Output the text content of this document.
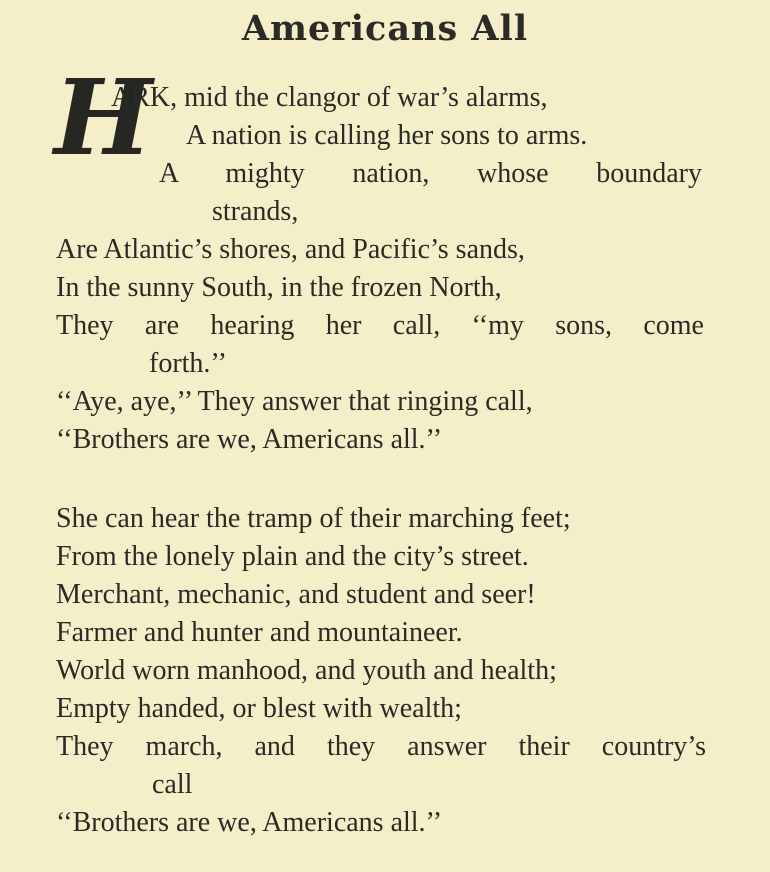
Americans All
H
ARK, mid the clangor of war’s alarms,
A nation is calling her sons to arms.
A mighty nation, whose boundary
strands,
Are Atlantic’s shores, and Pacific’s sands,
In the sunny South, in the frozen North,
They are hearing her call, ‘‘my sons, come
forth.’’
‘‘Aye, aye,’’ They answer that ringing call,
‘‘Brothers are we, Americans all.’’
She can hear the tramp of their marching feet;
From the lonely plain and the city’s street.
Merchant, mechanic, and student and seer!
Farmer and hunter and mountaineer.
World worn manhood, and youth and health;
Empty handed, or blest with wealth;
They march, and they answer their country’s
call
‘‘Brothers are we, Americans all.’’
